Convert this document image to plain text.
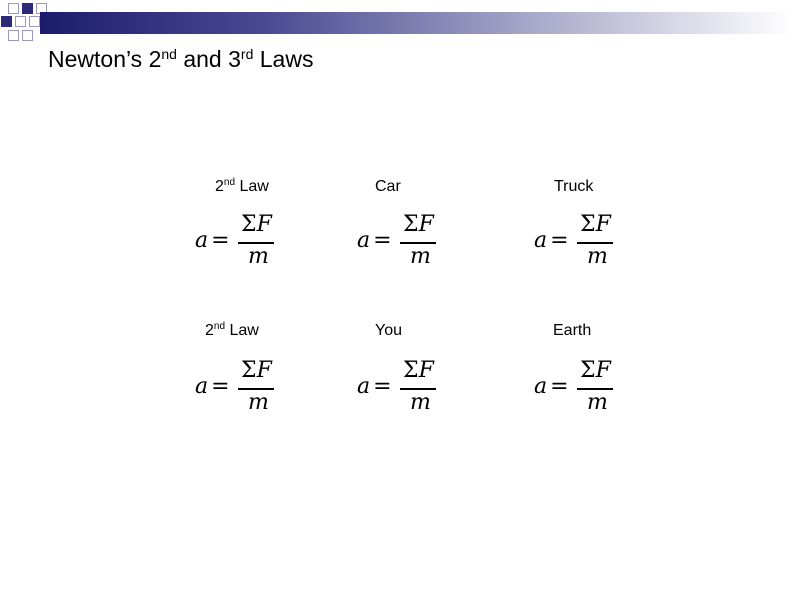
Newton’s 2nd and 3rd Laws
2nd Law	Car	Truck
a =
ΣF
m
a =
ΣF
m
a =
ΣF
m
2nd Law	You	Earth
a =
ΣF
m
a =
ΣF
m
a =
ΣF
m
